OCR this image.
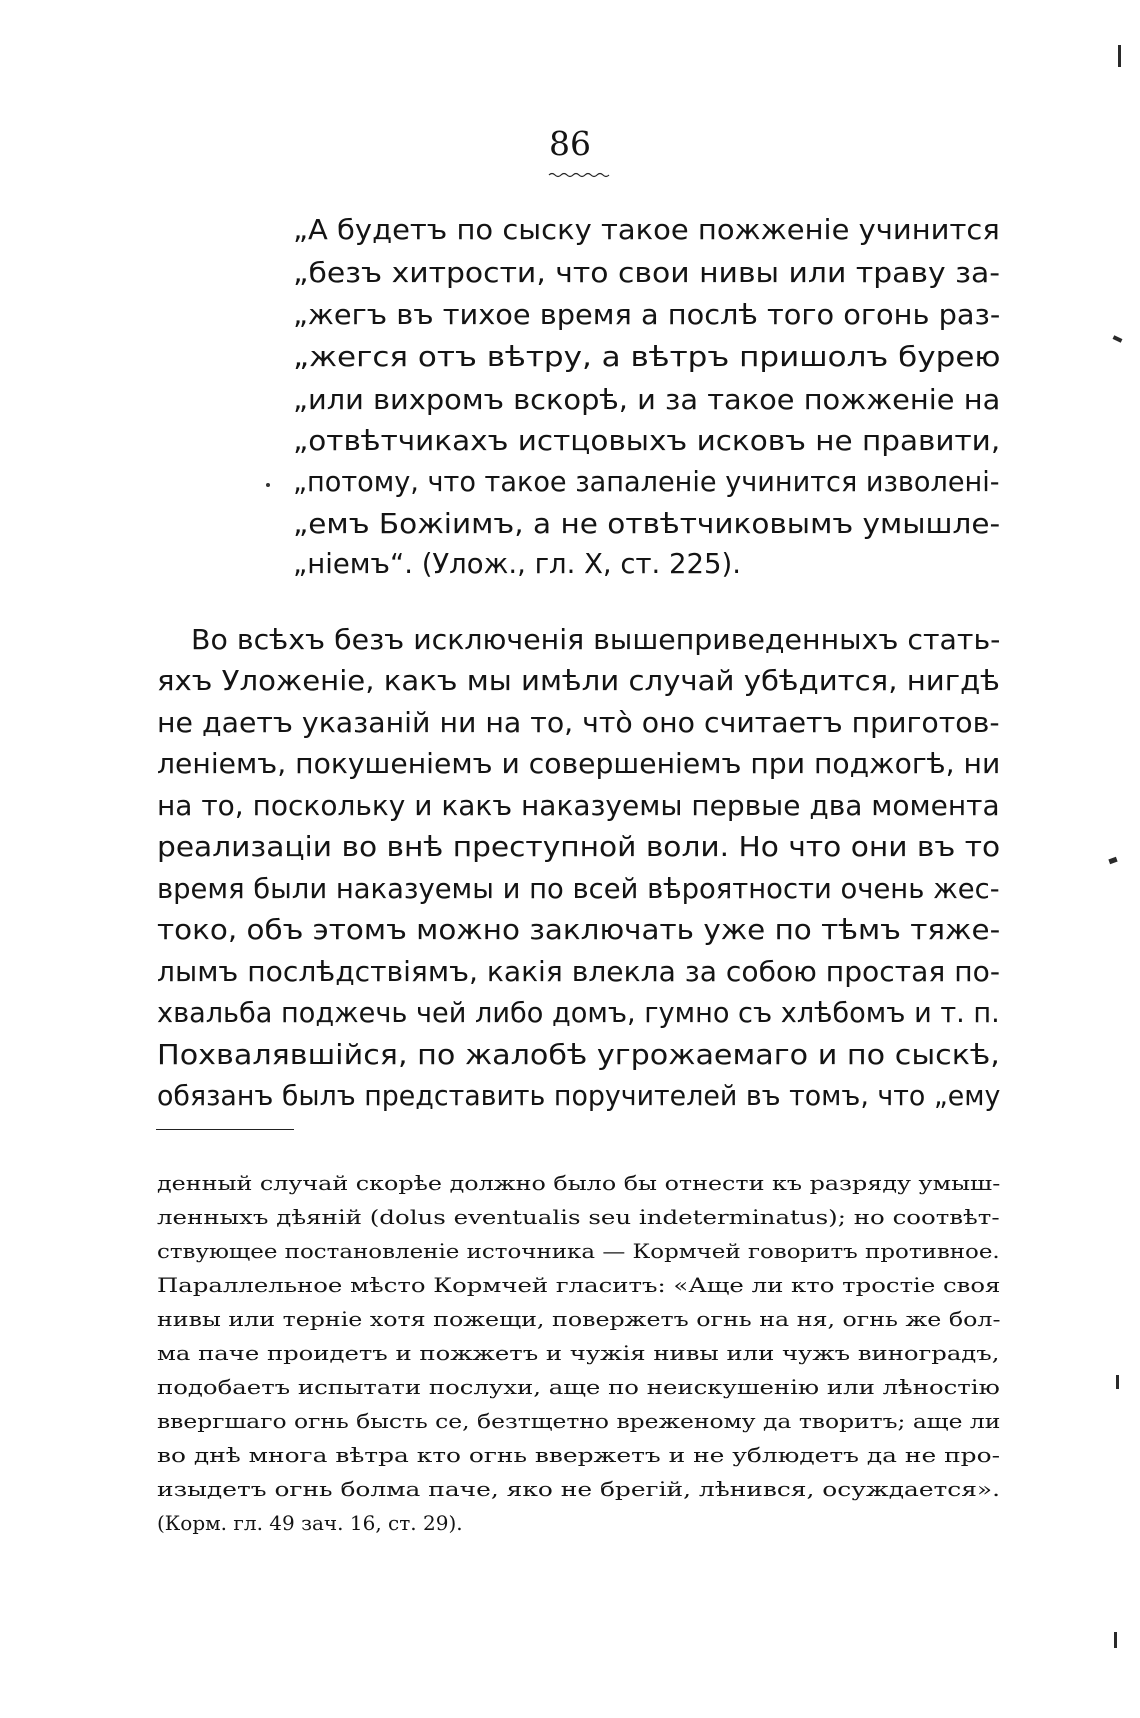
86
„А будетъ по сыску такое пожженіе учинится
„безъ хитрости, что свои нивы или траву за-
„жегъ въ тихое время а послѣ того огонь раз-
„жегся отъ вѣтру, а вѣтръ пришолъ бурею
„или вихромъ вскорѣ, и за такое пожженіе на
„отвѣтчикахъ истцовыхъ исковъ не правити,
„потому, что такое запаленіе учинится изволені-
„емъ Божіимъ, а не отвѣтчиковымъ умышле-
„ніемъ“. (Улож., гл. X, ст. 225).
Во всѣхъ безъ исключенія вышеприведенныхъ стать-
яхъ Уложеніе, какъ мы имѣли случай убѣдится, нигдѣ
не даетъ указаній ни на то, что̀ оно считаетъ приготов-
леніемъ, покушеніемъ и совершеніемъ при поджогѣ, ни
на то, поскольку и какъ наказуемы первые два момента
реализаціи во внѣ преступной воли. Но что они въ то
время были наказуемы и по всей вѣроятности очень жес-
токо, объ этомъ можно заключать уже по тѣмъ тяже-
лымъ послѣдствіямъ, какія влекла за собою простая по-
хвальба поджечь чей либо домъ, гумно съ хлѣбомъ и т. п.
Похвалявшійся, по жалобѣ угрожаемаго и по сыскѣ,
обязанъ былъ представить поручителей въ томъ, что „ему
денный случай скорѣе должно было бы отнести къ разряду умыш-
ленныхъ дѣяній (dolus eventualis seu indeterminatus); но соотвѣт-
ствующее постановленіе источника — Кормчей говоритъ противное.
Параллельное мѣсто Кормчей гласитъ: «Аще ли кто тростіе своя
нивы или терніе хотя пожещи, повержетъ огнь на ня, огнь же бол-
ма паче проидетъ и пожжетъ и чужія нивы или чужъ виноградъ,
подобаетъ испытати послухи, аще по неискушенію или лѣностію
ввергшаго огнь бысть се, безтщетно вреженому да творитъ; аще ли
во днѣ многа вѣтра кто огнь ввержетъ и не ублюдетъ да не про-
изыдетъ огнь болма паче, яко не брегій, лѣнився, осуждается».
(Корм. гл. 49 зач. 16, ст. 29).
